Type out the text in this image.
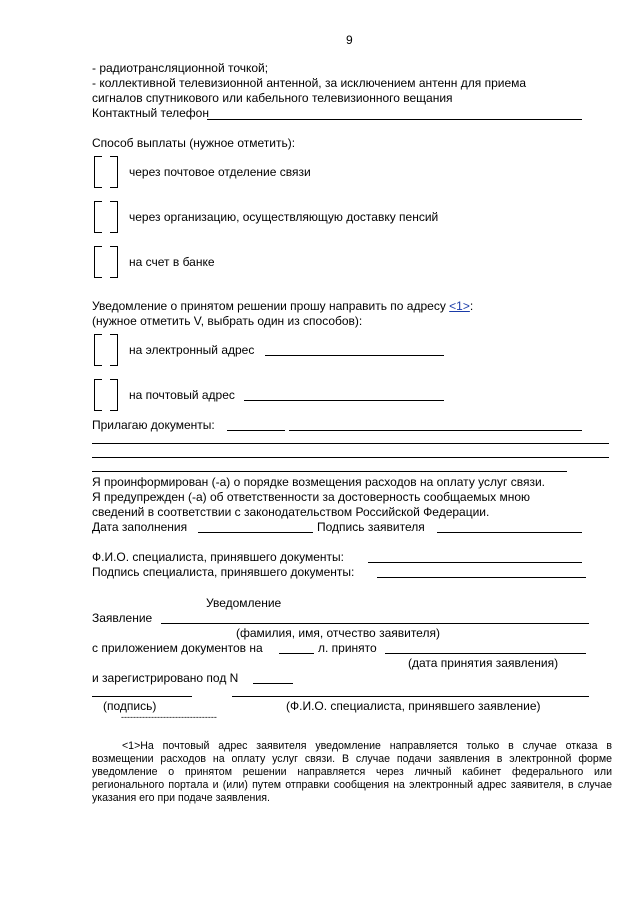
9
- радиотрансляционной точкой;
- коллективной телевизионной антенной, за исключением антенн для приема
сигналов спутникового или кабельного телевизионного вещания
Контактный телефон
Способ выплаты (нужное отметить):
через почтовое отделение связи
через организацию, осуществляющую доставку пенсий
на счет в банке
Уведомление о принятом решении прошу направить по адресу <1>:
(нужное отметить V, выбрать один из способов):
на электронный адрес
на почтовый адрес
Прилагаю документы:
Я проинформирован (-а) о порядке возмещения расходов на оплату услуг связи.
Я предупрежден (-а) об ответственности за достоверность сообщаемых мною
сведений в соответствии с законодательством Российской Федерации.
Дата заполнения	Подпись заявителя
Ф.И.О. специалиста, принявшего документы:
Подпись специалиста, принявшего документы:
Уведомление
Заявление
(фамилия, имя, отчество заявителя)
с приложением документов на	л. принято
(дата принятия заявления)
и зарегистрировано под N
(подпись)	(Ф.И.О. специалиста, принявшего заявление)
--------------------------------
<1>На почтовый адрес заявителя уведомление направляется только в случае отказа в возмещении расходов на оплату услуг связи. В случае подачи заявления в электронной форме уведомление о принятом решении направляется через личный кабинет федерального или регионального портала и (или) путем отправки сообщения на электронный адрес заявителя, в случае указания его при подаче заявления.
